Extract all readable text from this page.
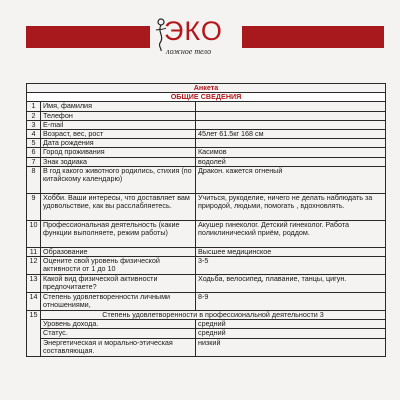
ЭКО
ложное тело
Анкета		
ОБЩИЕ СВЕДЕНИЯ		
1	Имя, фамилия	
2	Телефон	
3	E-mail	
4	Возраст, вес, рост	45лет 61.5кг 168 см
5	Дата рождения	
6	Город проживания	Касимов
7	Знак зодиака	водолей
8	В год какого животного родились, стихия (по китайскому календарю)	Дракон. кажется огненый
9	Хобби. Ваши интересы, что доставляет вам удовольствие, как вы расслабляетесь.	Учиться, рукоделие, ничего не делать наблюдать за природой, людьми, помогать , вдохновлять.
10	Профессиональная деятельность (какие функции выполняете, режим работы)	Акушер гинеколог. Детский гинеколог. Работа поликлинический приём, роддом.
11	Образование	Высшее медицинское
12	Оцените свой уровень физической активности от 1 до 10	3-5
13	Какой вид физической активности предпочитаете?	Ходьба, велосипед, плавание, танцы, цигун.
14	Степень удовлетворенности личными отношениями,	8-9
15	Степень удовлетворенности в профессиональной деятельности 3	
	Уровень дохода.	средний
	Статус.	средний
	Энергетическая и морально-этическая составляющая.	низкий
